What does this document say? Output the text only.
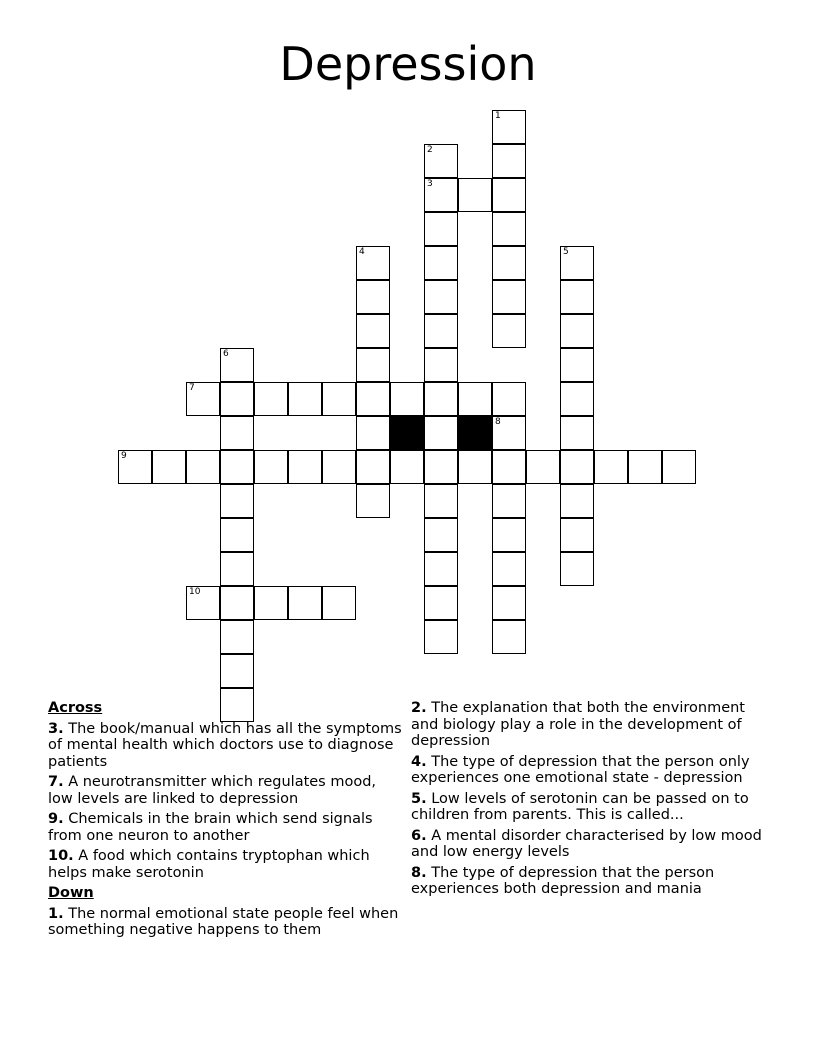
Depression
1
2
3
4	5
6
7
8
9
10
Across
3. The book/manual which has all the symptoms of mental health which doctors use to diagnose patients
7. A neurotransmitter which regulates mood, low levels are linked to depression
9. Chemicals in the brain which send signals from one neuron to another
10. A food which contains tryptophan which helps make serotonin
Down
1. The normal emotional state people feel when something negative happens to them
2. The explanation that both the environment and biology play a role in the development of depression
4. The type of depression that the person only experiences one emotional state - depression
5. Low levels of serotonin can be passed on to children from parents. This is called...
6. A mental disorder characterised by low mood and low energy levels
8. The type of depression that the person experiences both depression and mania
